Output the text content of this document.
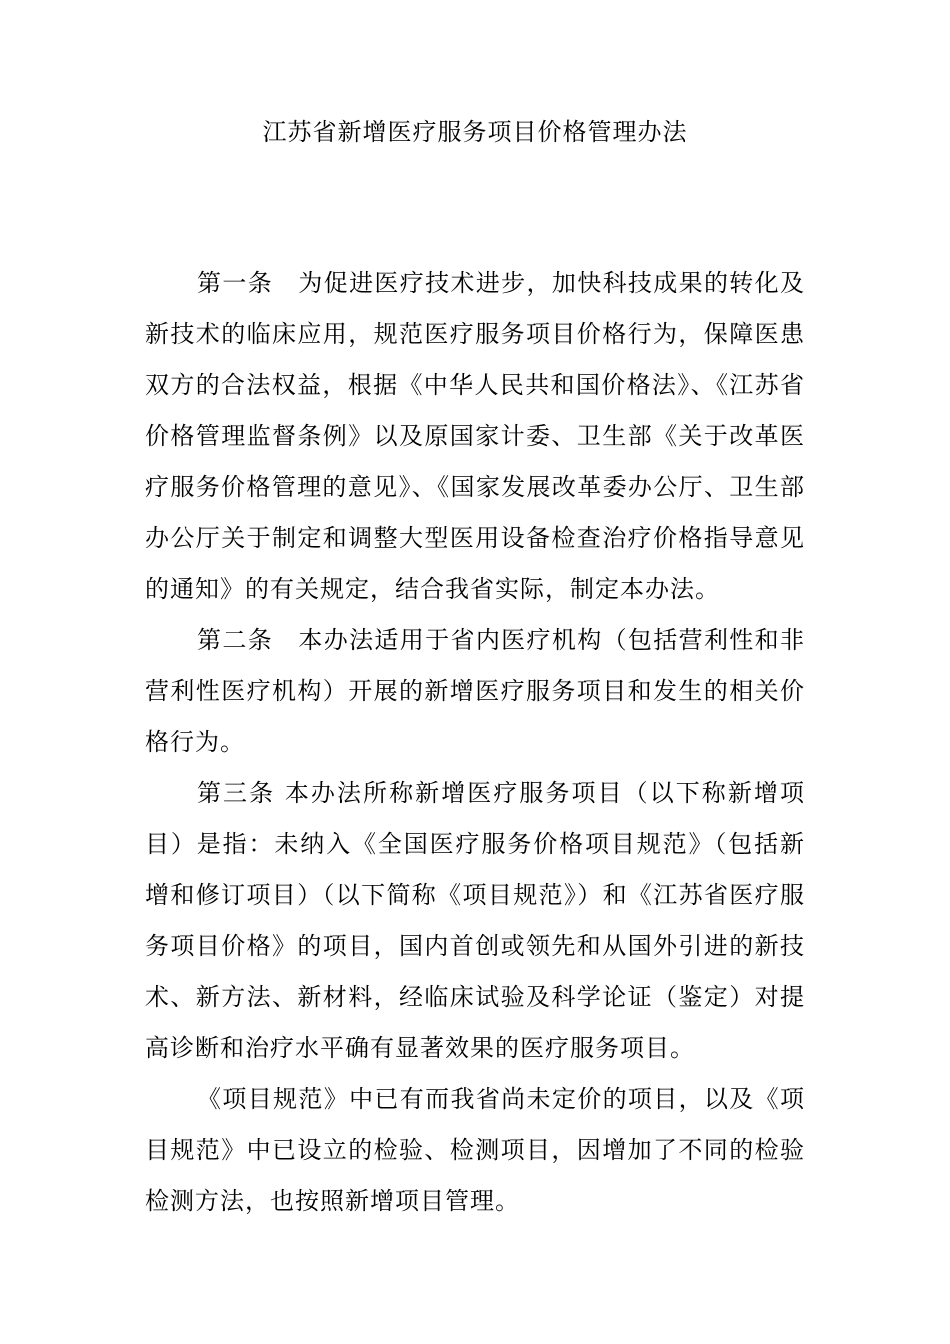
江苏省新增医疗服务项目价格管理办法

第一条　为促进医疗技术进步，加快科技成果的转化及新技术的临床应用，规范医疗服务项目价格行为，保障医患双方的合法权益，根据《中华人民共和国价格法》、《江苏省价格管理监督条例》以及原国家计委、卫生部《关于改革医疗服务价格管理的意见》、《国家发展改革委办公厅、卫生部办公厅关于制定和调整大型医用设备检查治疗价格指导意见的通知》的有关规定，结合我省实际，制定本办法。

第二条　本办法适用于省内医疗机构（包括营利性和非营利性医疗机构）开展的新增医疗服务项目和发生的相关价格行为。

第三条 本办法所称新增医疗服务项目（以下称新增项目）是指：未纳入《全国医疗服务价格项目规范》（包括新增和修订项目）（以下简称《项目规范》）和《江苏省医疗服务项目价格》的项目，国内首创或领先和从国外引进的新技术、新方法、新材料，经临床试验及科学论证（鉴定）对提高诊断和治疗水平确有显著效果的医疗服务项目。

《项目规范》中已有而我省尚未定价的项目，以及《项目规范》中已设立的检验、检测项目，因增加了不同的检验检测方法，也按照新增项目管理。
